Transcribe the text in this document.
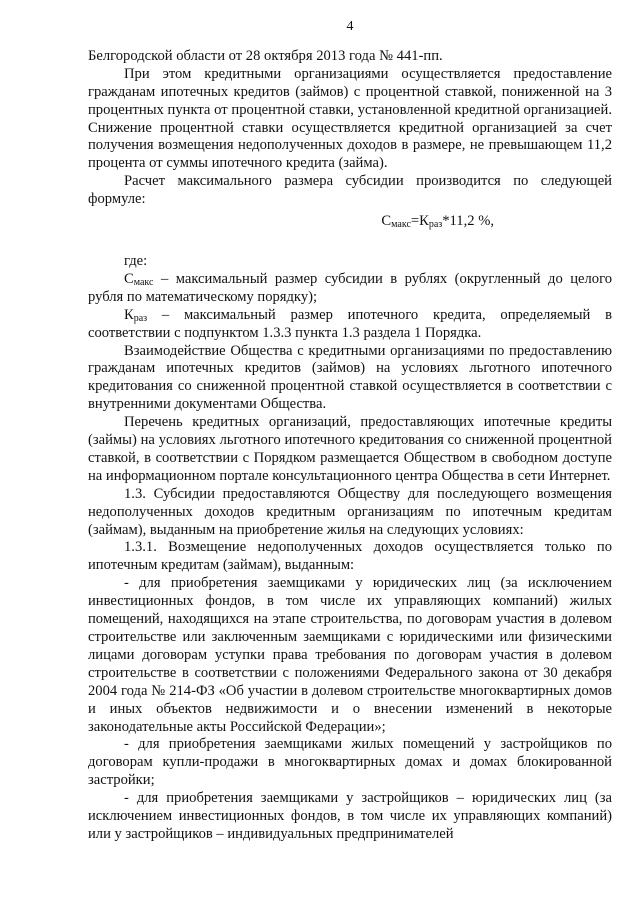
4

Белгородской области от 28 октября 2013 года № 441-пп.

При этом кредитными организациями осуществляется предоставление гражданам ипотечных кредитов (займов) с процентной ставкой, пониженной на 3 процентных пункта от процентной ставки, установленной кредитной организацией. Снижение процентной ставки осуществляется кредитной организацией за счет получения возмещения недополученных доходов в размере, не превышающем 11,2 процента от суммы ипотечного кредита (займа).

Расчет максимального размера субсидии производится по следующей формуле:

$С_{макс}=К_{раз}*11,2$ %,

где:

$С_{макс}$ – максимальный размер субсидии в рублях (округленный до целого рубля по математическому порядку);

$К_{раз}$ – максимальный размер ипотечного кредита, определяемый в соответствии с подпунктом 1.3.3 пункта 1.3 раздела 1 Порядка.

Взаимодействие Общества с кредитными организациями по предоставлению гражданам ипотечных кредитов (займов) на условиях льготного ипотечного кредитования со сниженной процентной ставкой осуществляется в соответствии с внутренними документами Общества.

Перечень кредитных организаций, предоставляющих ипотечные кредиты (займы) на условиях льготного ипотечного кредитования со сниженной процентной ставкой, в соответствии с Порядком размещается Обществом в свободном доступе на информационном портале консультационного центра Общества в сети Интернет.

1.3. Субсидии предоставляются Обществу для последующего возмещения недополученных доходов кредитным организациям по ипотечным кредитам (займам), выданным на приобретение жилья на следующих условиях:

1.3.1. Возмещение недополученных доходов осуществляется только по ипотечным кредитам (займам), выданным:

- для приобретения заемщиками у юридических лиц (за исключением инвестиционных фондов, в том числе их управляющих компаний) жилых помещений, находящихся на этапе строительства, по договорам участия в долевом строительстве или заключенным заемщиками с юридическими или физическими лицами договорам уступки права требования по договорам участия в долевом строительстве в соответствии с положениями Федерального закона от 30 декабря 2004 года № 214-ФЗ «Об участии в долевом строительстве многоквартирных домов и иных объектов недвижимости и о внесении изменений в некоторые законодательные акты Российской Федерации»;

- для приобретения заемщиками жилых помещений у застройщиков по договорам купли-продажи в многоквартирных домах и домах блокированной застройки;

- для приобретения заемщиками у застройщиков – юридических лиц (за исключением инвестиционных фондов, в том числе их управляющих компаний) или у застройщиков – индивидуальных предпринимателей
